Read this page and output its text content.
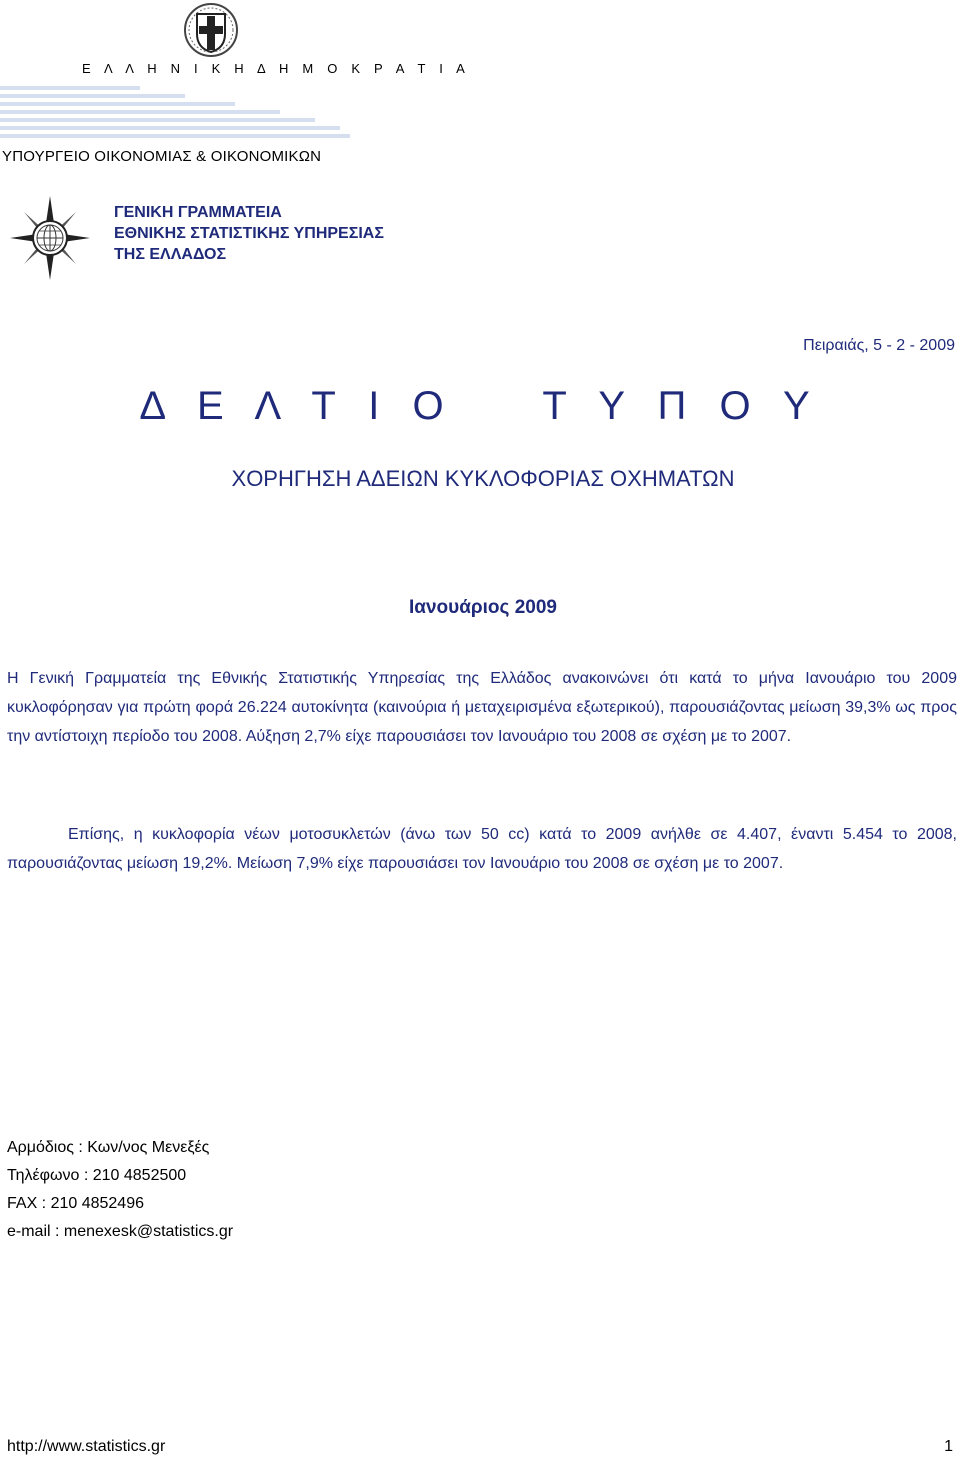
Ε Λ Λ Η Ν Ι Κ Η Δ Η Μ Ο Κ Ρ Α Τ Ι Α
ΥΠΟΥΡΓΕΙΟ ΟΙΚΟΝΟΜΙΑΣ & ΟΙΚΟΝΟΜΙΚΩΝ
ΓΕΝΙΚΗ ΓΡΑΜΜΑΤΕΙΑ
ΕΘΝΙΚΗΣ ΣΤΑΤΙΣΤΙΚΗΣ ΥΠΗΡΕΣΙΑΣ
ΤΗΣ ΕΛΛΑΔΟΣ
Πειραιάς, 5 - 2 - 2009
Δ Ε Λ Τ Ι Ο    Τ Υ Π Ο Υ
ΧΟΡΗΓΗΣΗ ΑΔΕΙΩΝ ΚΥΚΛΟΦΟΡΙΑΣ ΟΧΗΜΑΤΩΝ
Ιανουάριος 2009
Η Γενική Γραμματεία της Εθνικής Στατιστικής Υπηρεσίας της Ελλάδος ανακοινώνει ότι κατά το μήνα Ιανουάριο του 2009 κυκλοφόρησαν για πρώτη φορά 26.224 αυτοκίνητα (καινούρια ή μεταχειρισμένα εξωτερικού), παρουσιάζοντας μείωση 39,3% ως προς την αντίστοιχη περίοδο του 2008. Αύξηση 2,7% είχε παρουσιάσει τον Ιανουάριο του 2008 σε σχέση με το 2007.
Επίσης, η κυκλοφορία νέων μοτοσυκλετών (άνω των 50 cc) κατά το 2009 ανήλθε σε 4.407, έναντι 5.454 το 2008, παρουσιάζοντας μείωση 19,2%. Μείωση 7,9% είχε παρουσιάσει τον Ιανουάριο του 2008 σε σχέση με το 2007.
Αρμόδιος : Κων/νος Μενεξές
Τηλέφωνο : 210 4852500
FAX : 210 4852496
e-mail : menexesk@statistics.gr
http://www.statistics.gr	1
